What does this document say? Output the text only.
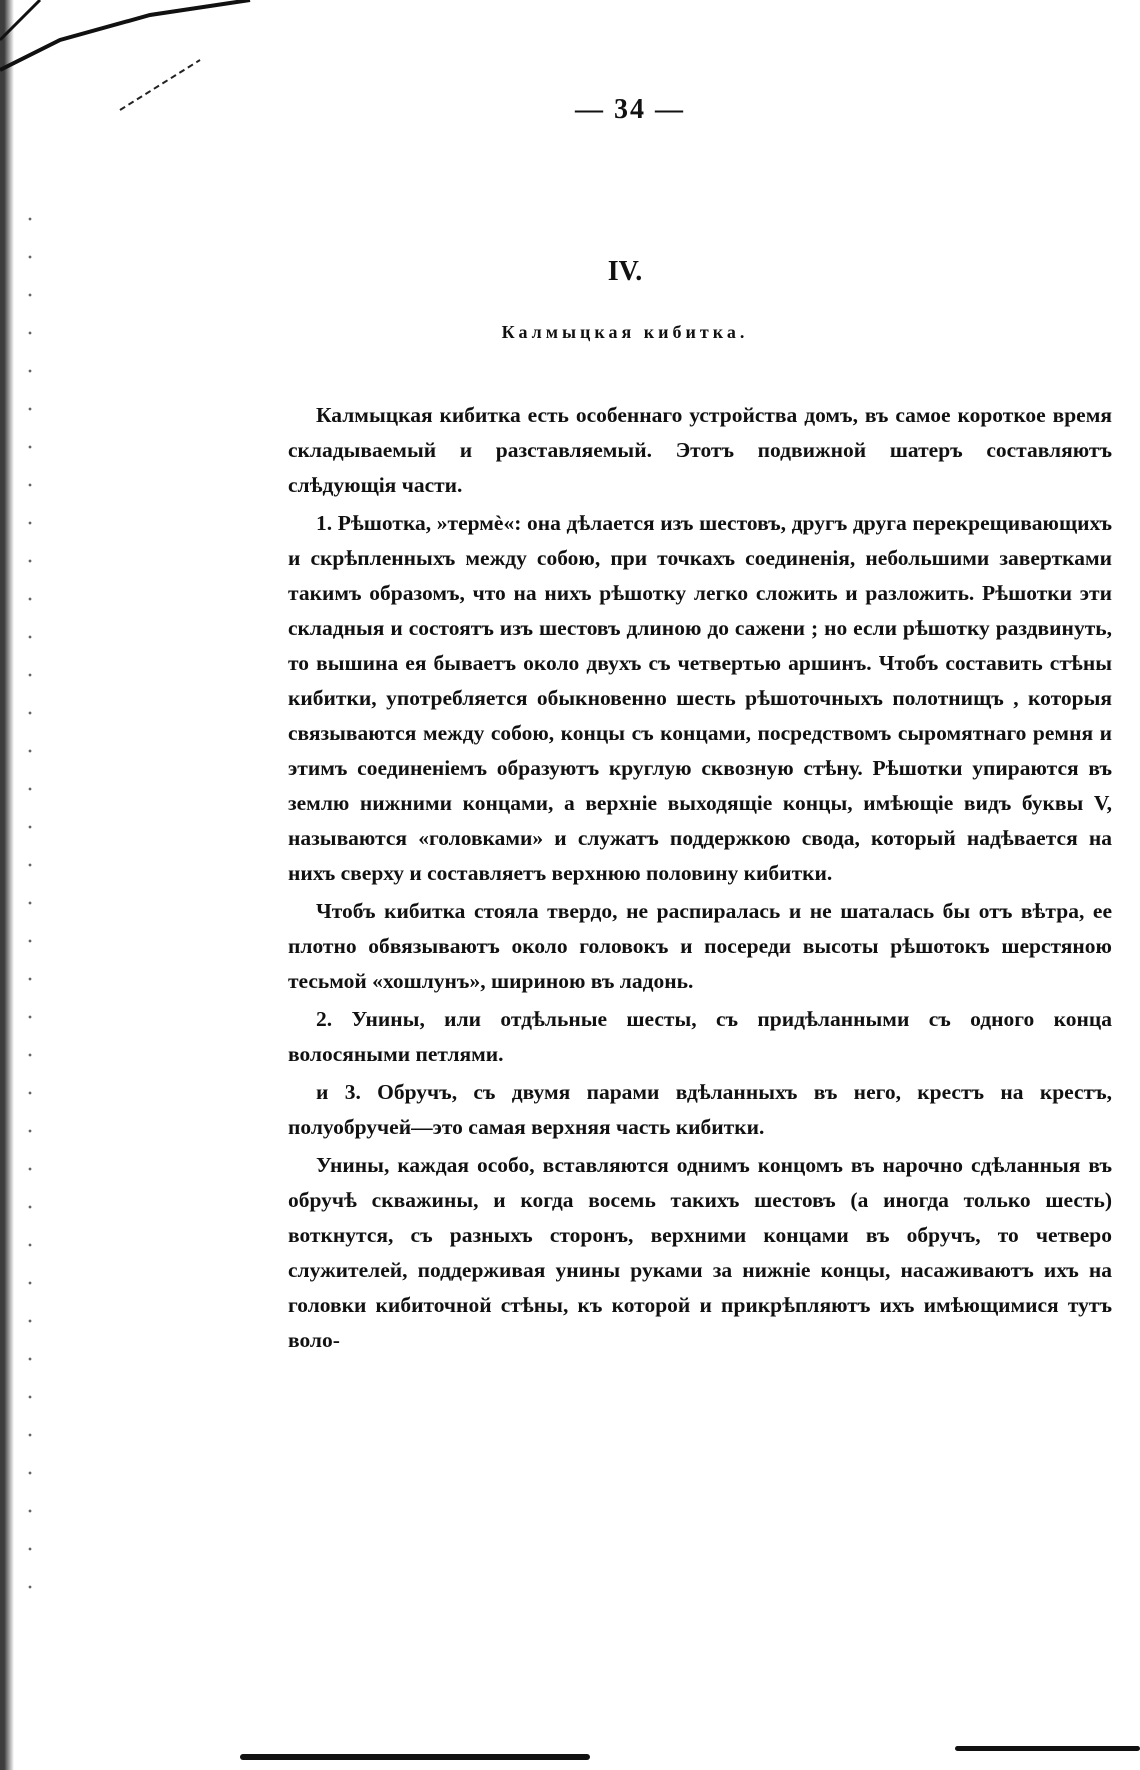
— 34 —
IV.
Калмыцкая кибитка.

Калмыцкая кибитка есть особеннаго устройства домъ, въ самое короткое время складываемый и разставляемый. Этотъ подвижной шатеръ составляютъ слѣдующія части.

1. Рѣшотка, »термè«: она дѣлается изъ шестовъ, другъ друга перекрещивающихъ и скрѣпленныхъ между собою, при точкахъ соединенія, небольшими завертками такимъ образомъ, что на нихъ рѣшотку легко сложить и разложить. Рѣшотки эти складныя и состоятъ изъ шестовъ длиною до сажени ; но если рѣшотку раздвинуть, то вышина ея бываетъ около двухъ съ четвертью аршинъ. Чтобъ составить стѣны кибитки, употребляется обыкновенно шесть рѣшоточныхъ полотнищъ , которыя связываются между собою, концы съ концами, посредствомъ сыромятнаго ремня и этимъ соединеніемъ образуютъ круглую сквозную стѣну. Рѣшотки упираются въ землю нижними концами, а верхніе выходящіе концы, имѣющіе видъ буквы V, называются «головками» и служатъ поддержкою свода, который надѣвается на нихъ сверху и составляетъ верхнюю половину кибитки.

Чтобъ кибитка стояла твердо, не распиралась и не шаталась бы отъ вѣтра, ее плотно обвязываютъ около головокъ и посереди высоты рѣшотокъ шерстяною тесьмой «хошлунъ», шириною въ ладонь.

2. Унины, или отдѣльные шесты, съ придѣланными съ одного конца волосяными петлями.

и 3. Обручъ, съ двумя парами вдѣланныхъ въ него, крестъ на крестъ, полуобручей—это самая верхняя часть кибитки.

Унины, каждая особо, вставляются однимъ концомъ въ нарочно сдѣланныя въ обручѣ скважины, и когда восемь такихъ шестовъ (а иногда только шесть) воткнутся, съ разныхъ сторонъ, верхними концами въ обручъ, то четверо служителей, поддерживая унины руками за нижніе концы, насаживаютъ ихъ на головки кибиточной стѣны, къ которой и прикрѣпляютъ ихъ имѣющимися тутъ воло-
